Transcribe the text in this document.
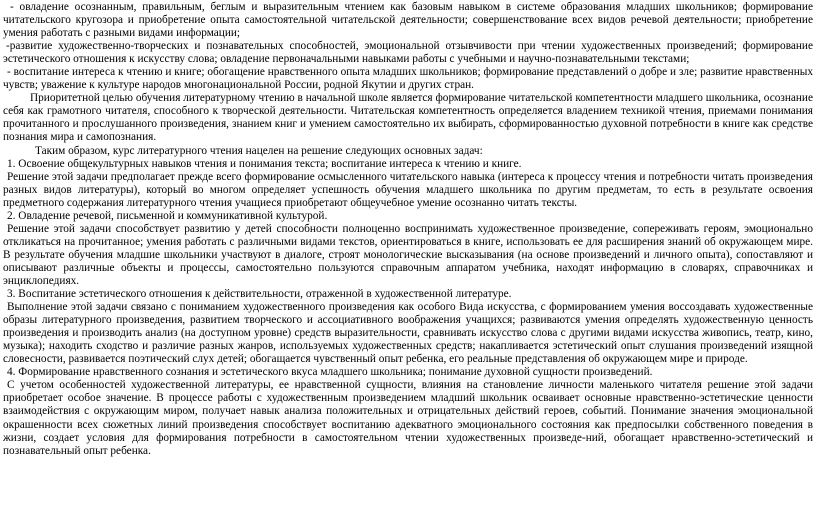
- овладение осознанным, правильным, беглым и выразительным чтением как базовым навыком в системе образования младших школьников; формирование читательского кругозора и приобретение опыта самостоятельной читательской деятельности; совершенствование всех видов речевой деятельности; приобретение умения работать с разными видами информации;

-развитие художественно-творческих и познавательных способностей, эмоциональной отзывчивости при чтении художественных произведений; формирование эстетического отношения к искусству слова; овладение первоначальными навыками работы с учебными и научно-познавательными текстами;

- воспитание интереса к чтению и книге; обогащение нравственного опыта младших школьников; формирование представлений о добре и зле; развитие нравственных чувств; уважение к культуре народов многонациональной России, родной Якутии и других стран.

Приоритетной целью обучения литературному чтению в начальной школе является формирование читательской компетентности младшего школьника, осознание себя как грамотного читателя, способного к творческой деятельности. Читательская компетентность определяется владением техникой чтения, приемами понимания прочитанного и прослушанного произведения, знанием книг и умением самостоятельно их выбирать, сформированностью духовной потребности в книге как средстве познания мира и самопознания.

Таким образом, курс литературного чтения нацелен на решение следующих основных задач:

1. Освоение общекультурных навыков чтения и понимания текста; воспитание интереса к чтению и книге.

Решение этой задачи предполагает прежде всего формирование осмысленного читательского навыка (интереса к процессу чтения и потребности читать произведения разных видов литературы), который во многом определяет успешность обучения младшего школьника по другим предметам, то есть в результате освоения предметного содержания литературного чтения учащиеся приобретают общеучебное умение осознанно читать тексты.

2. Овладение речевой, письменной и коммуникативной культурой.

Решение этой задачи способствует развитию у детей способности полноценно воспринимать художественное произведение, сопереживать героям, эмоционально откликаться на прочитанное; умения работать с различными видами текстов, ориентироваться в книге, использовать ее для расширения знаний об окружающем мире. В результате обучения младшие школьники участвуют в диалоге, строят монологические высказывания (на основе произведений и личного опыта), сопоставляют и описывают различные объекты и процессы, самостоятельно пользуются справочным аппаратом учебника, находят информацию в словарях, справочниках и энциклопедиях.

3. Воспитание эстетического отношения к действительности, отраженной в художественной литературе.

Выполнение этой задачи связано с пониманием художественного произведения как особого Вида искусства, с формированием умения воссоздавать художественные образы литературного произведения, развитием творческого и ассоциативного воображения учащихся; развиваются умения определять художественную ценность произведения и производить анализ (на доступном уровне) средств выразительности, сравнивать искусство слова с другими видами искусства живопись, театр, кино, музыка); находить сходство и различие разных жанров, используемых художественных средств; накапливается эстетический опыт слушания произведений изящной словесности, развивается поэтический слух детей; обогащается чувственный опыт ребенка, его реальные представления об окружающем мире и природе.

4. Формирование нравственного сознания и эстетического вкуса младшего школьника; понимание духовной сущности произведений.

С учетом особенностей художественной литературы, ее нравственной сущности, влияния на становление личности маленького читателя решение этой задачи приобретает особое значение. В процессе работы с художественным произведением младший школьник осваивает основные нравственно-эстетические ценности взаимодействия с окружающим миром, получает навык анализа положительных и отрицательных действий героев, событий. Понимание значения эмоциональной окрашенности всех сюжетных линий произведения способствует воспитанию адекватного эмоционального состояния как предпосылки собственного поведения в жизни, создает условия для формирования потребности в самостоятельном чтении художественных произведе-ний, обогащает нравственно-эстетический и познавательный опыт ребенка.
